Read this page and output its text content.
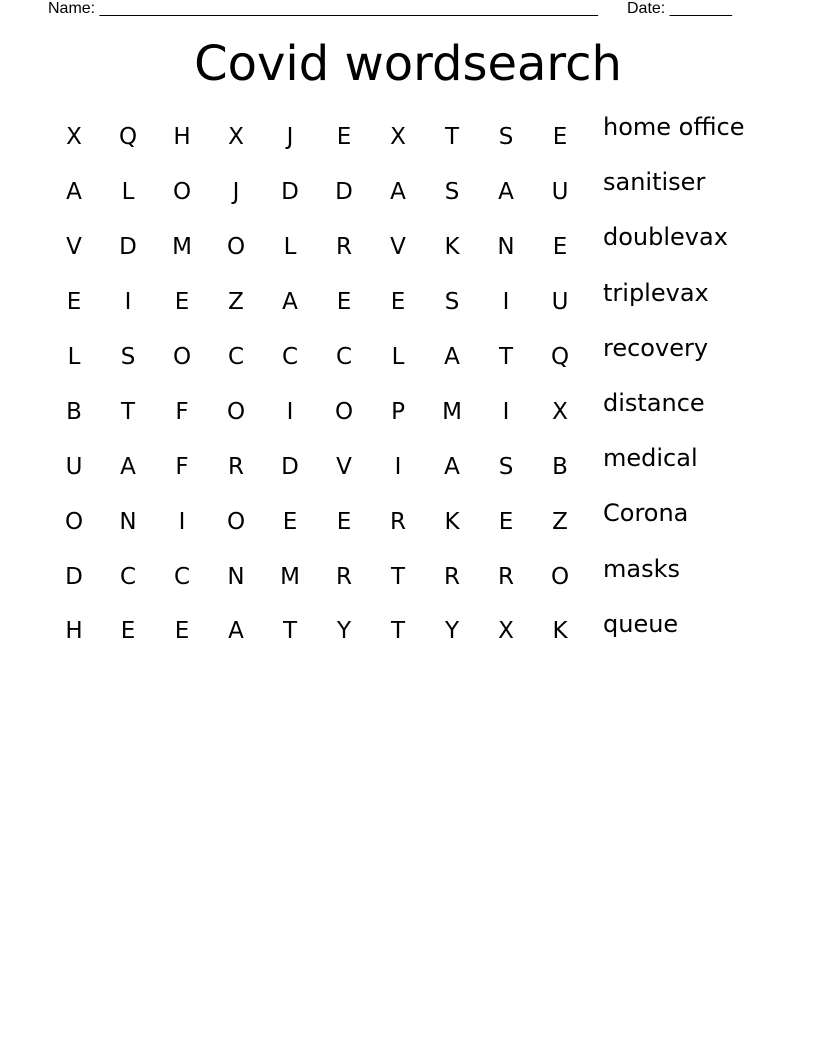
Name: ________________________________________________________ Date: _______
Covid wordsearch
X	Q	H	X	J	E	X	T	S	E
A	L	O	J	D	D	A	S	A	U
V	D	M	O	L	R	V	K	N	E
E	I	E	Z	A	E	E	S	I	U
L	S	O	C	C	C	L	A	T	Q
B	T	F	O	I	O	P	M	I	X
U	A	F	R	D	V	I	A	S	B
O	N	I	O	E	E	R	K	E	Z
D	C	C	N	M	R	T	R	R	O
H	E	E	A	T	Y	T	Y	X	K
home office
sanitiser
doublevax
triplevax
recovery
distance
medical
Corona
masks
queue
